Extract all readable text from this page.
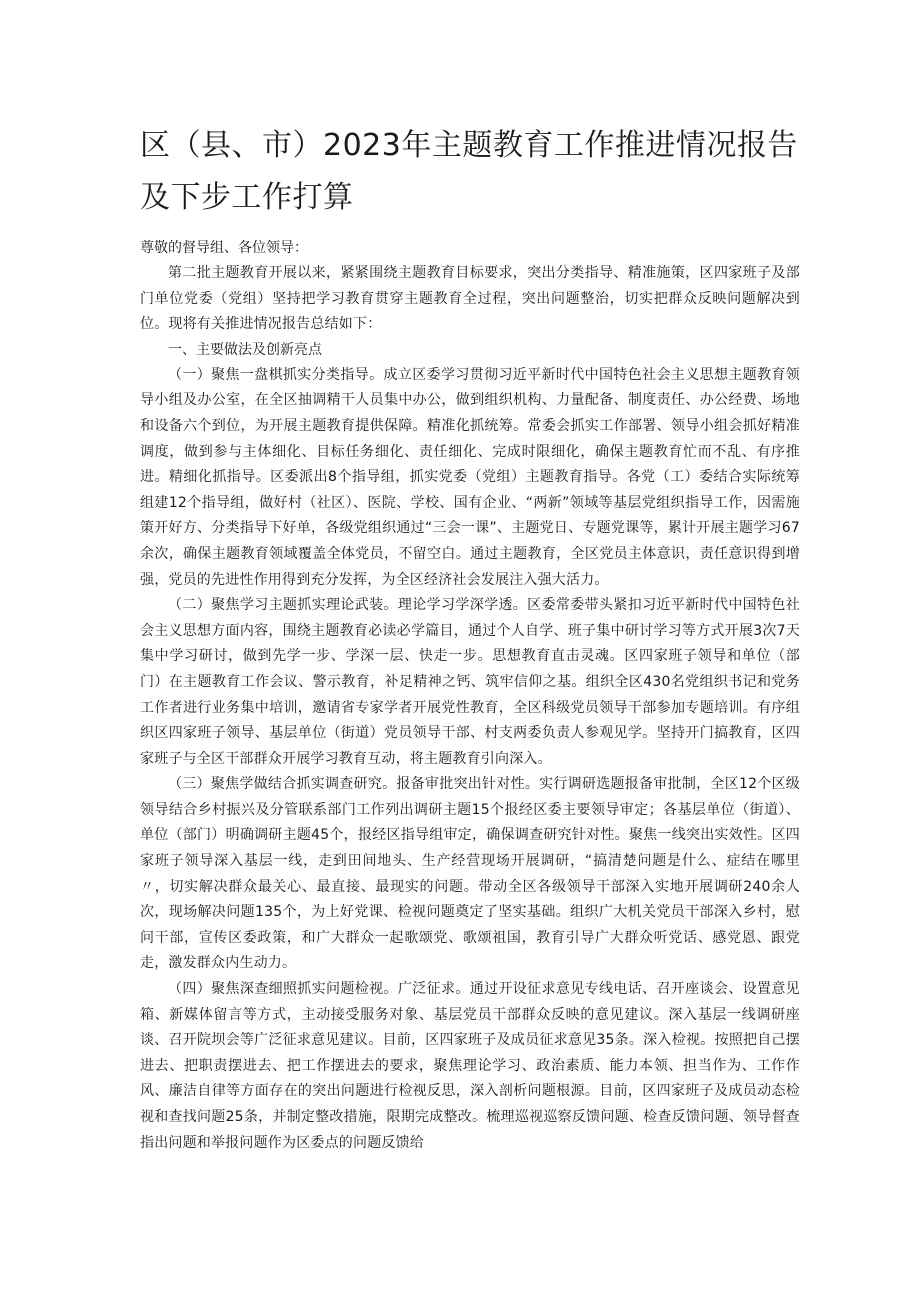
区（县、市）2023年主题教育工作推进情况报告及下步工作打算

尊敬的督导组、各位领导：

第二批主题教育开展以来，紧紧围绕主题教育目标要求，突出分类指导、精准施策，区四家班子及部门单位党委（党组）坚持把学习教育贯穿主题教育全过程，突出问题整治，切实把群众反映问题解决到位。现将有关推进情况报告总结如下：

一、主要做法及创新亮点

（一）聚焦一盘棋抓实分类指导。成立区委学习贯彻习近平新时代中国特色社会主义思想主题教育领导小组及办公室，在全区抽调精干人员集中办公，做到组织机构、力量配备、制度责任、办公经费、场地和设备六个到位，为开展主题教育提供保障。精准化抓统筹。常委会抓实工作部署、领导小组会抓好精准调度，做到参与主体细化、目标任务细化、责任细化、完成时限细化，确保主题教育忙而不乱、有序推进。精细化抓指导。区委派出8个指导组，抓实党委（党组）主题教育指导。各党（工）委结合实际统筹组建12个指导组，做好村（社区）、医院、学校、国有企业、“两新”领域等基层党组织指导工作，因需施策开好方、分类指导下好单，各级党组织通过“三会一课”、主题党日、专题党课等，累计开展主题学习67余次，确保主题教育领域覆盖全体党员，不留空白。通过主题教育，全区党员主体意识，责任意识得到增强，党员的先进性作用得到充分发挥，为全区经济社会发展注入强大活力。

（二）聚焦学习主题抓实理论武装。理论学习学深学透。区委常委带头紧扣习近平新时代中国特色社会主义思想方面内容，围绕主题教育必读必学篇目，通过个人自学、班子集中研讨学习等方式开展3次7天集中学习研讨，做到先学一步、学深一层、快走一步。思想教育直击灵魂。区四家班子领导和单位（部门）在主题教育工作会议、警示教育，补足精神之钙、筑牢信仰之基。组织全区430名党组织书记和党务工作者进行业务集中培训，邀请省专家学者开展党性教育，全区科级党员领导干部参加专题培训。有序组织区四家班子领导、基层单位（街道）党员领导干部、村支两委负责人参观见学。坚持开门搞教育，区四家班子与全区干部群众开展学习教育互动，将主题教育引向深入。

（三）聚焦学做结合抓实调查研究。报备审批突出针对性。实行调研选题报备审批制，全区12个区级领导结合乡村振兴及分管联系部门工作列出调研主题15个报经区委主要领导审定；各基层单位（街道）、单位（部门）明确调研主题45个，报经区指导组审定，确保调查研究针对性。聚焦一线突出实效性。区四家班子领导深入基层一线，走到田间地头、生产经营现场开展调研，“搞清楚问题是什么、症结在哪里〃，切实解决群众最关心、最直接、最现实的问题。带动全区各级领导干部深入实地开展调研240余人次，现场解决问题135个，为上好党课、检视问题奠定了坚实基础。组织广大机关党员干部深入乡村，慰问干部，宣传区委政策，和广大群众一起歌颂党、歌颂祖国，教育引导广大群众听党话、感党恩、跟党走，激发群众内生动力。

（四）聚焦深查细照抓实问题检视。广泛征求。通过开设征求意见专线电话、召开座谈会、设置意见箱、新媒体留言等方式，主动接受服务对象、基层党员干部群众反映的意见建议。深入基层一线调研座谈、召开院坝会等广泛征求意见建议。目前，区四家班子及成员征求意见35条。深入检视。按照把自己摆进去、把职责摆进去、把工作摆进去的要求，聚焦理论学习、政治素质、能力本领、担当作为、工作作风、廉洁自律等方面存在的突出问题进行检视反思，深入剖析问题根源。目前，区四家班子及成员动态检视和查找问题25条，并制定整改措施，限期完成整改。梳理巡视巡察反馈问题、检查反馈问题、领导督查指出问题和举报问题作为区委点的问题反馈给
